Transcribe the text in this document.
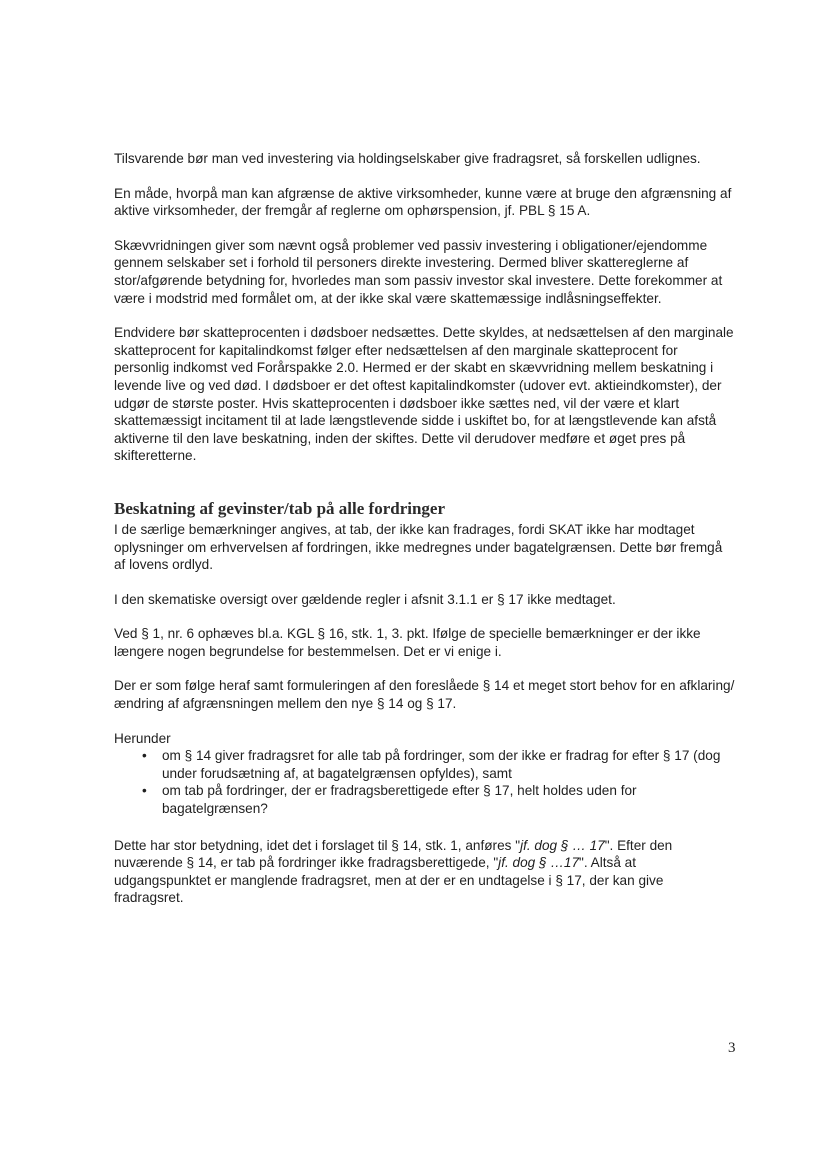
Tilsvarende bør man ved investering via holdingselskaber give fradragsret, så forskellen udlignes.

En måde, hvorpå man kan afgrænse de aktive virksomheder, kunne være at bruge den afgrænsning af aktive virksomheder, der fremgår af reglerne om ophørspension, jf. PBL § 15 A.

Skævvridningen giver som nævnt også problemer ved passiv investering i obligationer/ejendomme gennem selskaber set i forhold til personers direkte investering. Dermed bliver skattereglerne af stor/afgørende betydning for, hvorledes man som passiv investor skal investere. Dette forekommer at være i modstrid med formålet om, at der ikke skal være skattemæssige indlåsningseffekter.

Endvidere bør skatteprocenten i dødsboer nedsættes. Dette skyldes, at nedsættelsen af den marginale skatteprocent for kapitalindkomst følger efter nedsættelsen af den marginale skatteprocent for personlig indkomst ved Forårspakke 2.0. Hermed er der skabt en skævvridning mellem beskatning i levende live og ved død. I dødsboer er det oftest kapitalindkomster (udover evt. aktieindkomster), der udgør de største poster. Hvis skatteprocenten i dødsboer ikke sættes ned, vil der være et klart skattemæssigt incitament til at lade længstlevende sidde i uskiftet bo, for at længstlevende kan afstå aktiverne til den lave beskatning, inden der skiftes. Dette vil derudover medføre et øget pres på skifteretterne.

Beskatning af gevinster/tab på alle fordringer

I de særlige bemærkninger angives, at tab, der ikke kan fradrages, fordi SKAT ikke har modtaget oplysninger om erhvervelsen af fordringen, ikke medregnes under bagatelgrænsen. Dette bør fremgå af lovens ordlyd.

I den skematiske oversigt over gældende regler i afsnit 3.1.1 er § 17 ikke medtaget.

Ved § 1, nr. 6 ophæves bl.a. KGL § 16, stk. 1, 3. pkt. Ifølge de specielle bemærkninger er der ikke længere nogen begrundelse for bestemmelsen. Det er vi enige i.

Der er som følge heraf samt formuleringen af den foreslåede § 14 et meget stort behov for en afklaring/ændring af afgrænsningen mellem den nye § 14 og § 17.

Herunder

• om § 14 giver fradragsret for alle tab på fordringer, som der ikke er fradrag for efter § 17 (dog under forudsætning af, at bagatelgrænsen opfyldes), samt
• om tab på fordringer, der er fradragsberettigede efter § 17, helt holdes uden for bagatelgrænsen?

Dette har stor betydning, idet det i forslaget til § 14, stk. 1, anføres "jf. dog § … 17". Efter den nuværende § 14, er tab på fordringer ikke fradragsberettigede, "jf. dog § …17". Altså at udgangspunktet er manglende fradragsret, men at der er en undtagelse i § 17, der kan give fradragsret.

3
